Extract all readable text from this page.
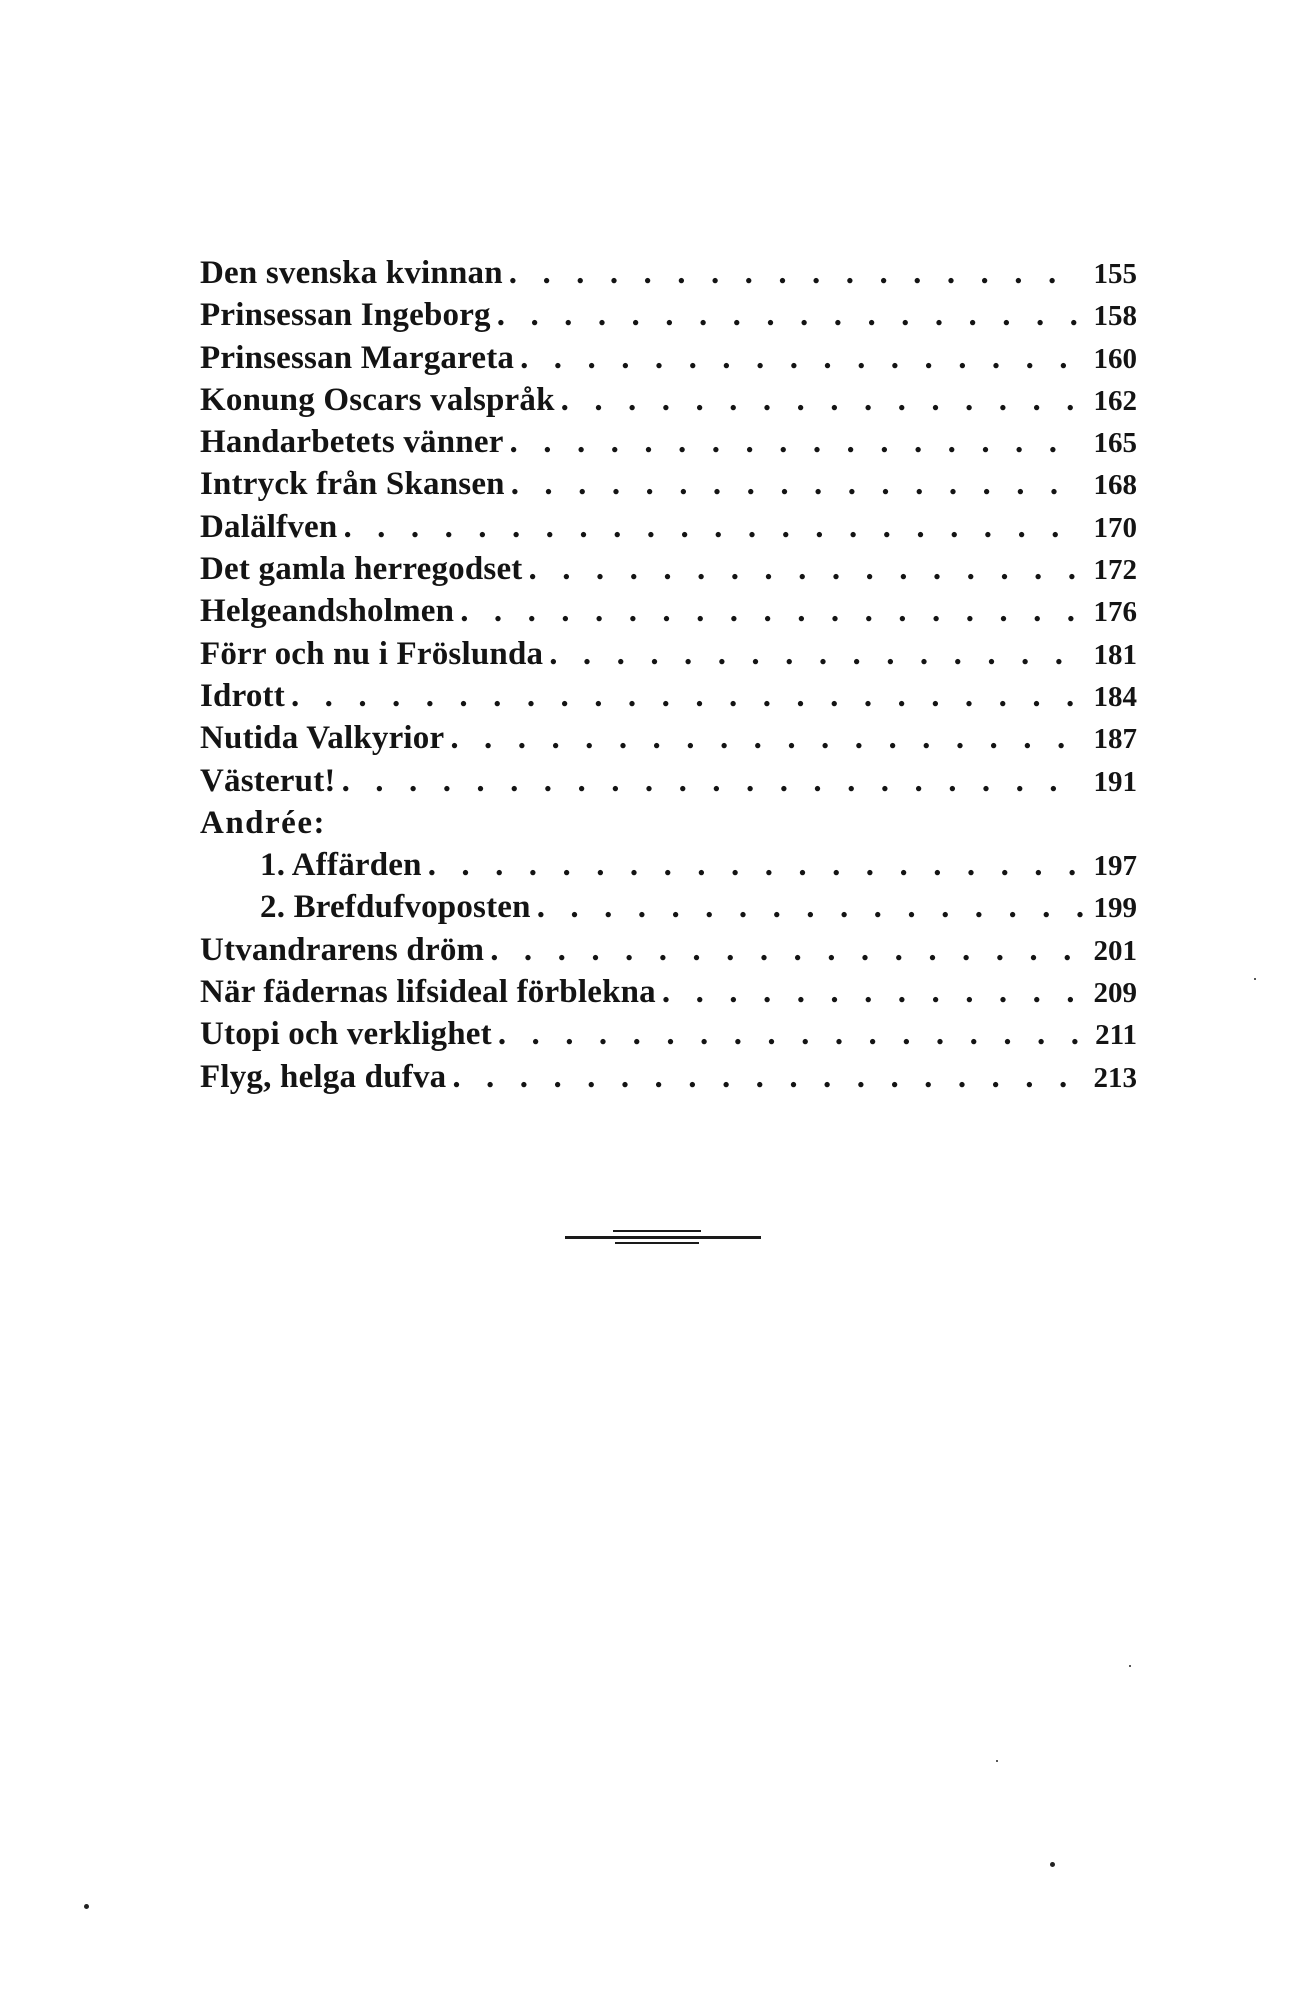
Den svenska kvinnan . . .	155
Prinsessan Ingeborg . . .	158
Prinsessan Margareta . . .	160
Konung Oscars valspråk . . .	162
Handarbetets vänner . . .	165
Intryck från Skansen . . .	168
Dalälfven . . .	170
Det gamla herregodset . . .	172
Helgeandsholmen . . .	176
Förr och nu i Fröslunda . . .	181
Idrott . . .	184
Nutida Valkyrior . . .	187
Västerut! . . .	191
Andrée:
1. Affärden . . .	197
2. Brefdufvoposten . . .	199
Utvandrarens dröm . . .	201
När fädernas lifsideal förblekna . . .	209
Utopi och verklighet . . .	211
Flyg, helga dufva . . .	213
